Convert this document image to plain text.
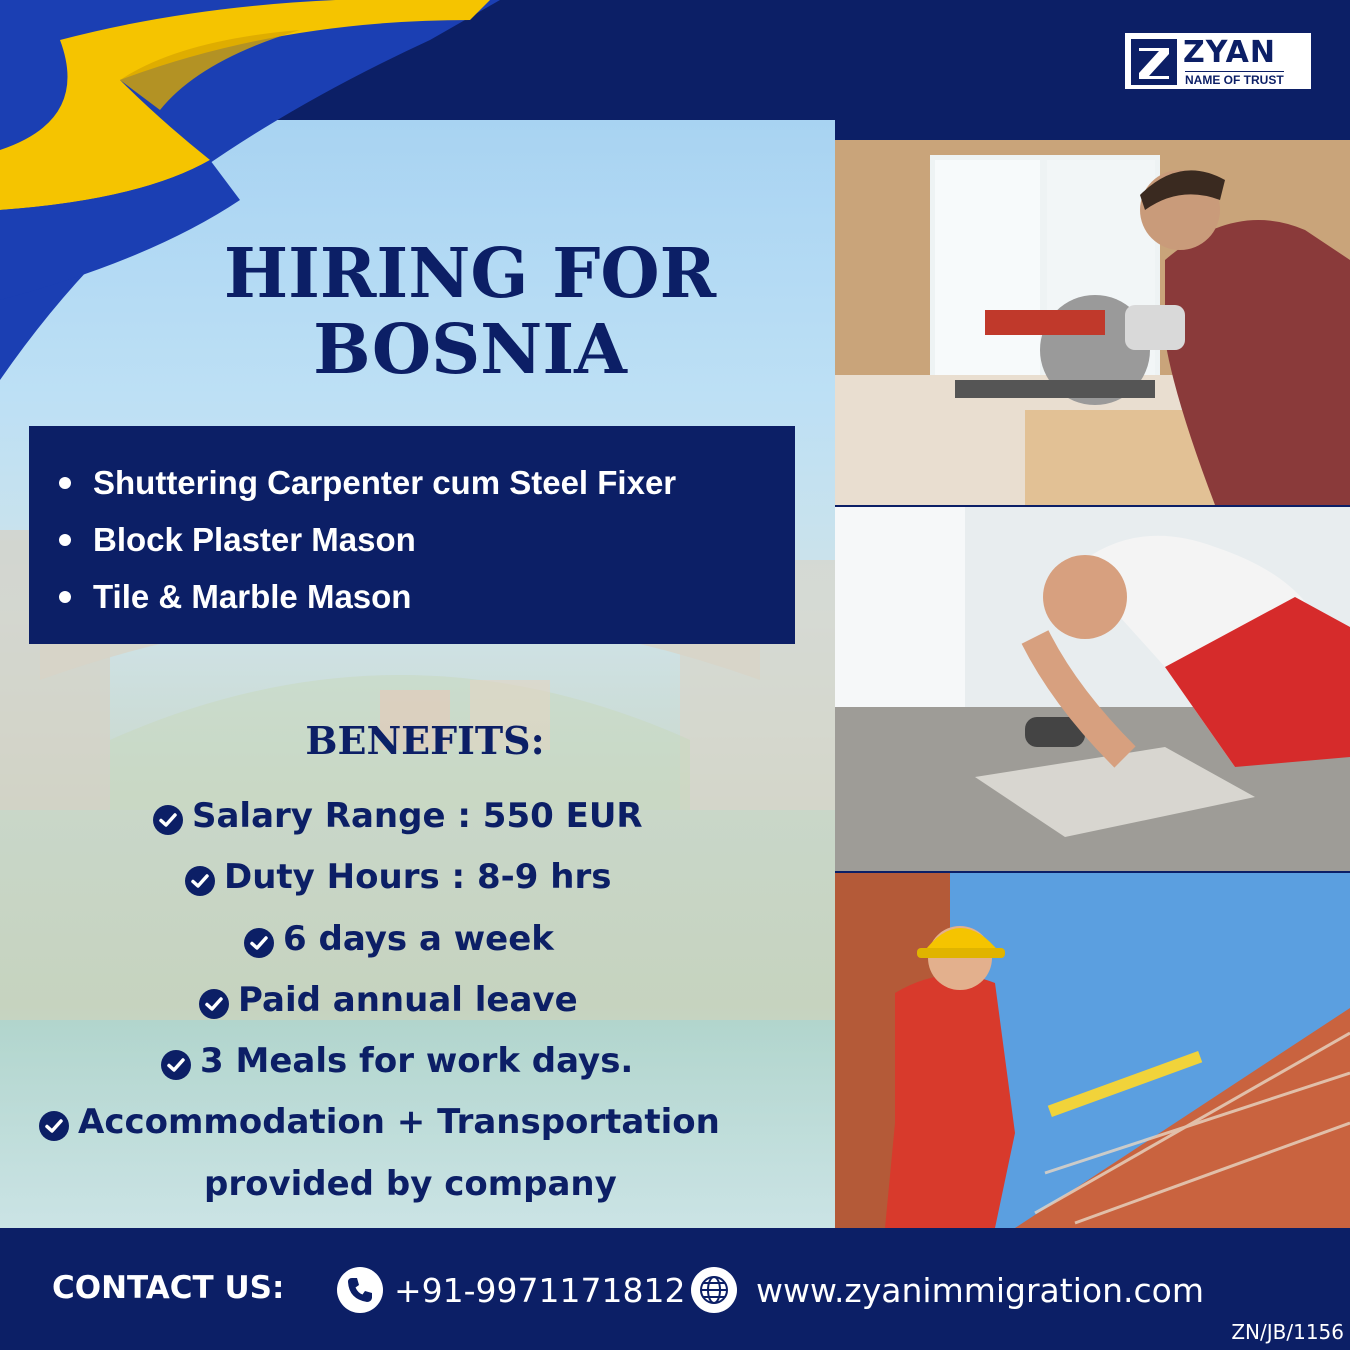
ZYAN
NAME OF TRUST
HIRING FOR
BOSNIA
Shuttering Carpenter cum Steel Fixer
Block Plaster Mason
Tile & Marble Mason
BENEFITS:
Salary Range : 550 EUR
Duty Hours : 8-9 hrs
6 days a week
Paid annual leave
3 Meals for work days.
Accommodation + Transportation
provided by company
CONTACT US:	+91-9971171812 www.zyanimmigration.com
ZN/JB/1156
